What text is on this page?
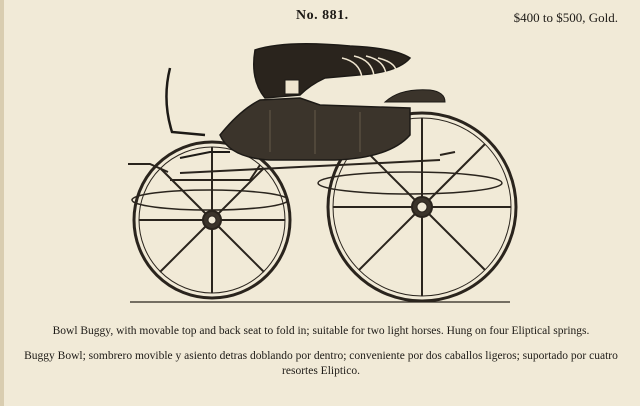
No. 881.	$400 to $500, Gold.
Bowl Buggy, with movable top and back seat to fold in; suitable for two light horses. Hung on four Eliptical springs.
Buggy Bowl; sombrero movible y asiento detras doblando por dentro; conveniente por dos caballos ligeros; suportado por cuatro resortes Eliptico.
